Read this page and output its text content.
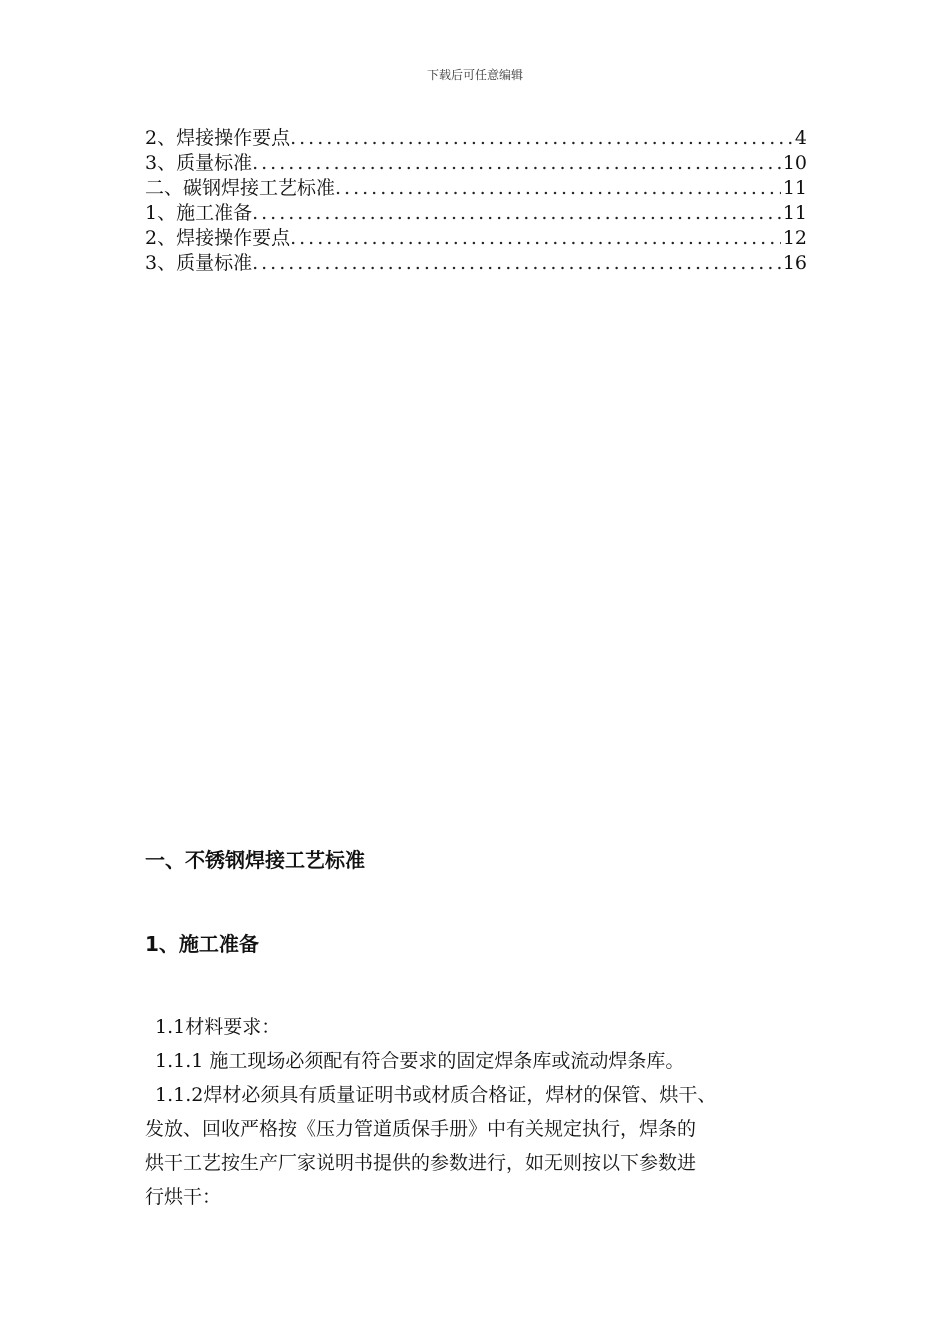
下载后可任意编辑
2、焊接操作要点 .....	4
3、质量标准 .....	10
二、碳钢焊接工艺标准 .....	11
1、施工准备 .....	11
2、焊接操作要点 .....	12
3、质量标准 .....	16
一、不锈钢焊接工艺标准
1、施工准备

1.1材料要求：

1.1.1 施工现场必须配有符合要求的固定焊条库或流动焊条库。

1.1.2焊材必须具有质量证明书或材质合格证，焊材的保管、烘干、

发放、回收严格按《压力管道质保手册》中有关规定执行，焊条的

烘干工艺按生产厂家说明书提供的参数进行，如无则按以下参数进

行烘干：
